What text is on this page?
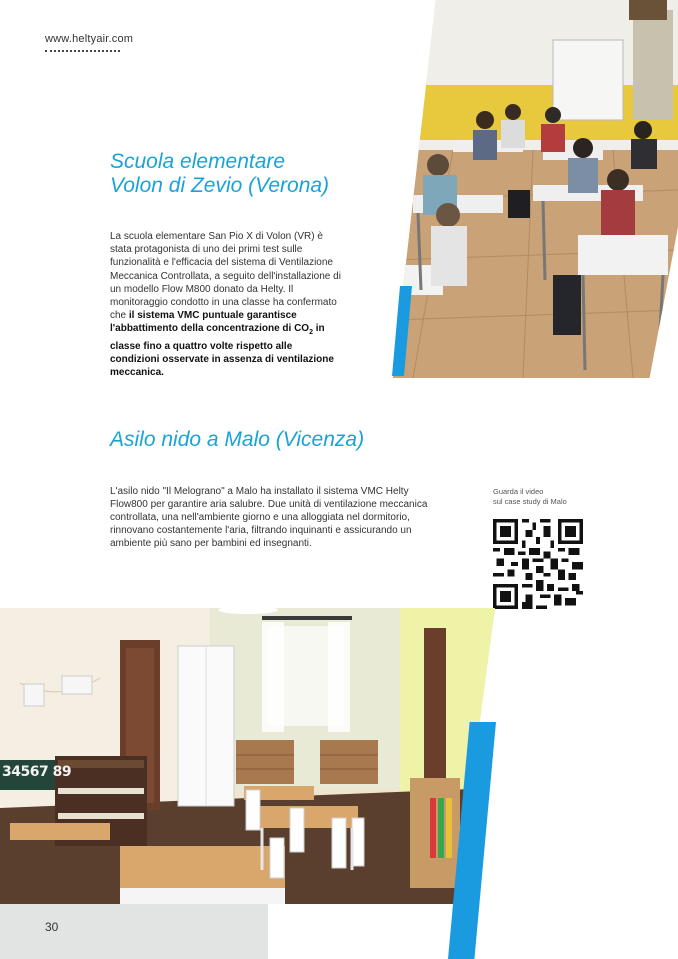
www.heltyair.com
Scuola elementare
Volon di Zevio (Verona)

La scuola elementare San Pio X di Volon (VR) è stata protagonista di uno dei primi test sulle funzionalità e l'efficacia del sistema di Ventilazione Meccanica Controllata, a seguito dell'installazione di un modello Flow M800 donato da Helty. Il monitoraggio condotto in una classe ha confermato che il sistema VMC puntuale garantisce l'abbattimento della concentrazione di $CO_2$ in classe fino a quattro volte rispetto alle condizioni osservate in assenza di ventilazione meccanica.

Asilo nido a Malo (Vicenza)

L'asilo nido "Il Melograno" a Malo ha installato il sistema VMC Helty Flow800 per garantire aria salubre. Due unità di ventilazione meccanica controllata, una nell'ambiente giorno e una alloggiata nel dormitorio, rinnovano costantemente l'aria, filtrando inquinanti e assicurando un ambiente più sano per bambini ed insegnanti.

Guarda il video
sul case study di Malo
34567 89
30
